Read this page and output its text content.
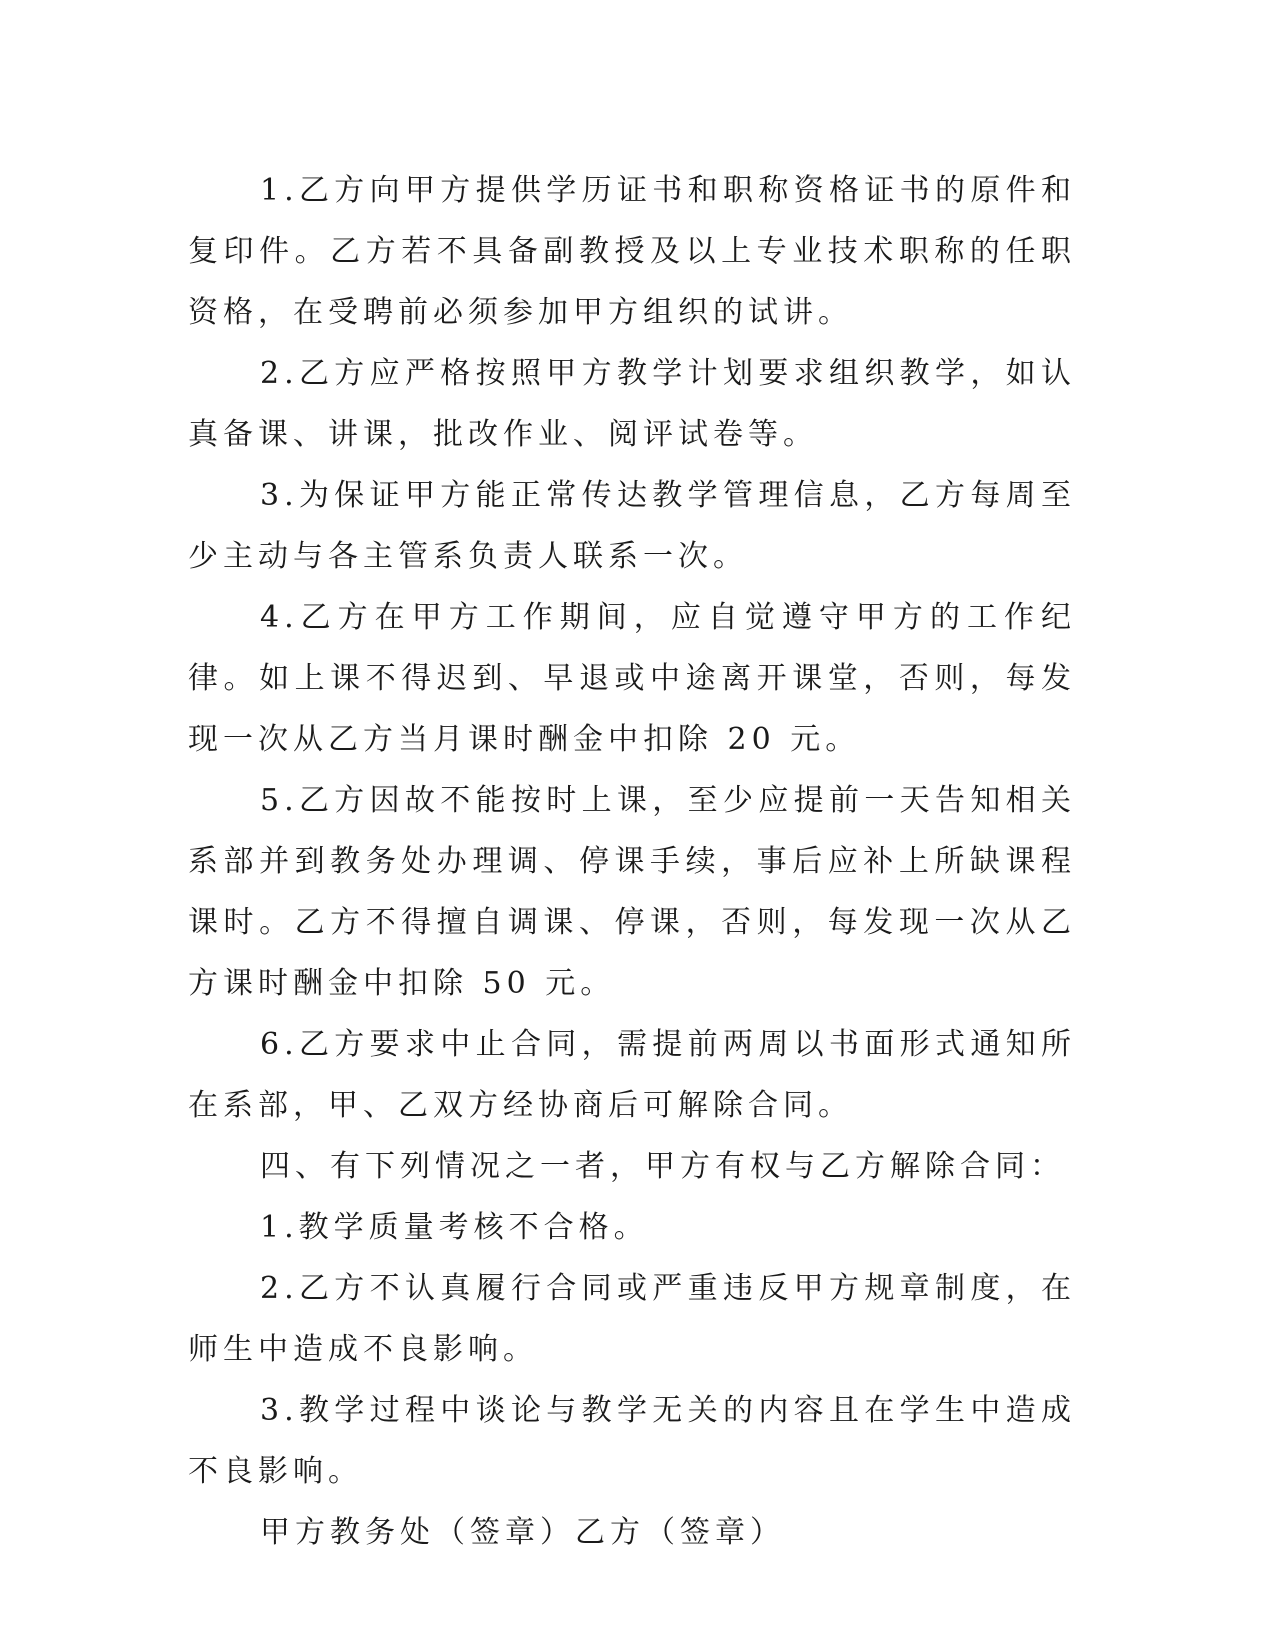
1.乙方向甲方提供学历证书和职称资格证书的原件和复印件。乙方若不具备副教授及以上专业技术职称的任职资格，在受聘前必须参加甲方组织的试讲。

2.乙方应严格按照甲方教学计划要求组织教学，如认真备课、讲课，批改作业、阅评试卷等。

3.为保证甲方能正常传达教学管理信息，乙方每周至少主动与各主管系负责人联系一次。

4.乙方在甲方工作期间，应自觉遵守甲方的工作纪律。如上课不得迟到、早退或中途离开课堂，否则，每发现一次从乙方当月课时酬金中扣除 20 元。

5.乙方因故不能按时上课，至少应提前一天告知相关系部并到教务处办理调、停课手续，事后应补上所缺课程课时。乙方不得擅自调课、停课，否则，每发现一次从乙方课时酬金中扣除 50 元。

6.乙方要求中止合同，需提前两周以书面形式通知所在系部，甲、乙双方经协商后可解除合同。

四、有下列情况之一者，甲方有权与乙方解除合同：

1.教学质量考核不合格。

2.乙方不认真履行合同或严重违反甲方规章制度，在师生中造成不良影响。

3.教学过程中谈论与教学无关的内容且在学生中造成不良影响。

甲方教务处（签章）乙方（签章）
